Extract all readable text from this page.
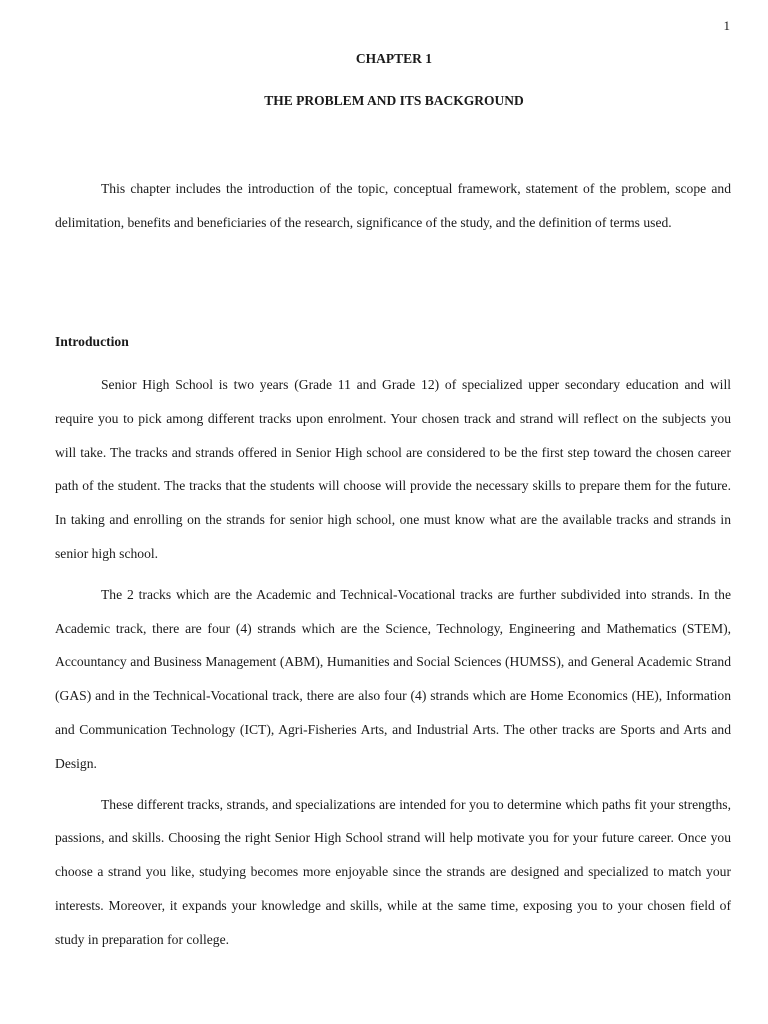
1
CHAPTER 1
THE PROBLEM AND ITS BACKGROUND

This chapter includes the introduction of the topic, conceptual framework, statement of the problem, scope and delimitation, benefits and beneficiaries of the research, significance of the study, and the definition of terms used.

Introduction

Senior High School is two years (Grade 11 and Grade 12) of specialized upper secondary education and will require you to pick among different tracks upon enrolment. Your chosen track and strand will reflect on the subjects you will take. The tracks and strands offered in Senior High school are considered to be the first step toward the chosen career path of the student. The tracks that the students will choose will provide the necessary skills to prepare them for the future. In taking and enrolling on the strands for senior high school, one must know what are the available tracks and strands in senior high school.

The 2 tracks which are the Academic and Technical-Vocational tracks are further subdivided into strands. In the Academic track, there are four (4) strands which are the Science, Technology, Engineering and Mathematics (STEM), Accountancy and Business Management (ABM), Humanities and Social Sciences (HUMSS), and General Academic Strand (GAS) and in the Technical-Vocational track, there are also four (4) strands which are Home Economics (HE), Information and Communication Technology (ICT), Agri-Fisheries Arts, and Industrial Arts. The other tracks are Sports and Arts and Design.

These different tracks, strands, and specializations are intended for you to determine which paths fit your strengths, passions, and skills. Choosing the right Senior High School strand will help motivate you for your future career. Once you choose a strand you like, studying becomes more enjoyable since the strands are designed and specialized to match your interests. Moreover, it expands your knowledge and skills, while at the same time, exposing you to your chosen field of study in preparation for college.
